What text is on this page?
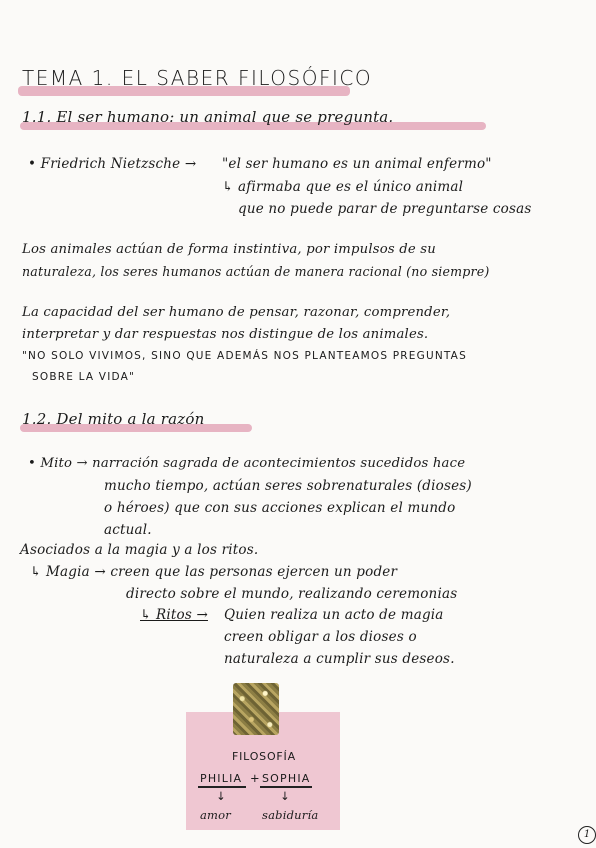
TEMA 1. EL SABER FILOSÓFICO
1.1. El ser humano: un animal que se pregunta.
• Friedrich Nietzsche → "el ser humano es un animal enfermo"
↳ afirmaba que es el único animal
que no puede parar de preguntarse cosas
Los animales actúan de forma instintiva, por impulsos de su
naturaleza, los seres humanos actúan de manera racional (no siempre)
La capacidad del ser humano de pensar, razonar, comprender,
interpretar y dar respuestas nos distingue de los animales.
"NO SOLO VIVIMOS, SINO QUE ADEMÁS NOS PLANTEAMOS PREGUNTAS
SOBRE LA VIDA"
1.2. Del mito a la razón
• Mito → narración sagrada de acontecimientos sucedidos hace
mucho tiempo, actúan seres sobrenaturales (dioses)
o héroes) que con sus acciones explican el mundo
actual.
Asociados a la magia y a los ritos.
↳ Magia → creen que las personas ejercen un poder
directo sobre el mundo, realizando ceremonias
↳ Ritos → Quien realiza un acto de magia
creen obligar a los dioses o
naturaleza a cumplir sus deseos.
FILOSOFÍA
PHILIA + SOPHIA
↓	↓
amor	sabiduría
1
